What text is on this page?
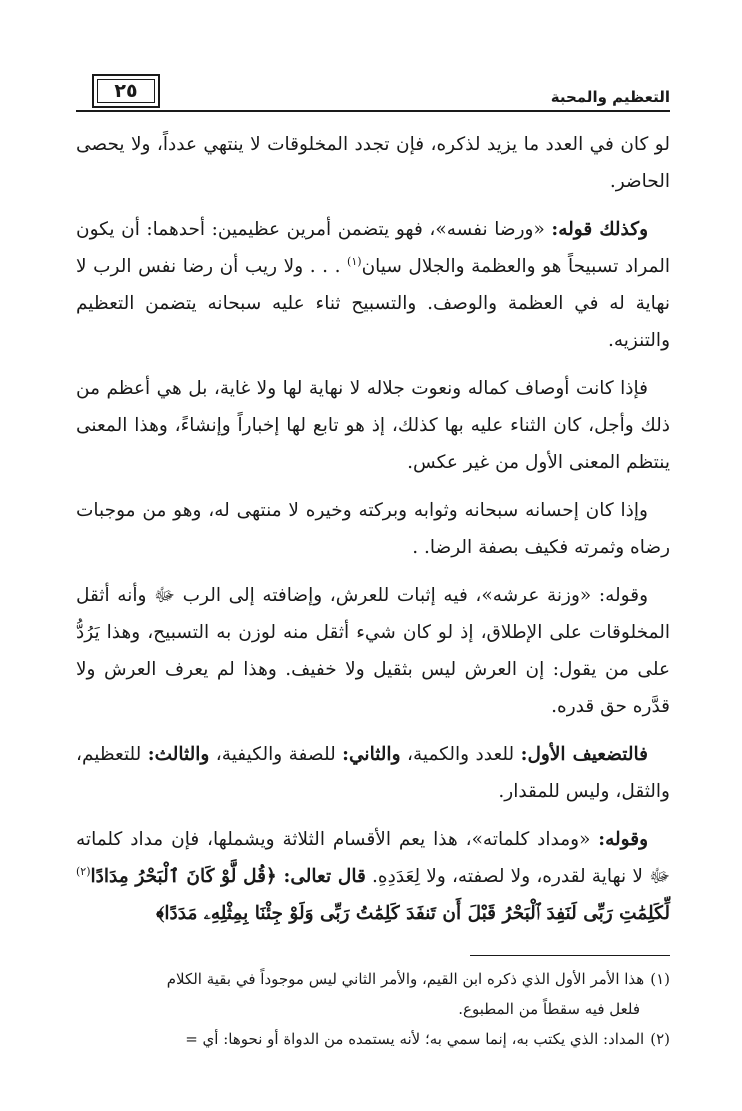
التعظيم والمحبة
٢٥

لو كان في العدد ما يزيد لذكره، فإن تجدد المخلوقات لا ينتهي عدداً، ولا يحصى الحاضر.

وكذلك قوله: «ورضا نفسه»، فهو يتضمن أمرين عظيمين: أحدهما: أن يكون المراد تسبيحاً هو والعظمة والجلال سيان$^{(١)}$ . . . ولا ريب أن رضا نفس الرب لا نهاية له في العظمة والوصف. والتسبيح ثناء عليه سبحانه يتضمن التعظيم والتنزيه.

فإذا كانت أوصاف كماله ونعوت جلاله لا نهاية لها ولا غاية، بل هي أعظم من ذلك وأجل، كان الثناء عليه بها كذلك، إذ هو تابع لها إخباراً وإنشاءً، وهذا المعنى ينتظم المعنى الأول من غير عكس.

وإذا كان إحسانه سبحانه وثوابه وبركته وخيره لا منتهى له، وهو من موجبات رضاه وثمرته فكيف بصفة الرضا. .

وقوله: «وزنة عرشه»، فيه إثبات للعرش، وإضافته إلى الرب ﷻ وأنه أثقل المخلوقات على الإطلاق، إذ لو كان شيء أثقل منه لوزن به التسبيح، وهذا يَرُدُّ على من يقول: إن العرش ليس بثقيل ولا خفيف. وهذا لم يعرف العرش ولا قدَّره حق قدره.

فالتضعيف الأول: للعدد والكمية، والثاني: للصفة والكيفية، والثالث: للتعظيم، والثقل، وليس للمقدار.

وقوله: «ومداد كلماته»، هذا يعم الأقسام الثلاثة ويشملها، فإن مداد كلماته ﷻ لا نهاية لقدره، ولا لصفته، ولا لِعَدَدِهِ. قال تعالى: ﴿قُل لَّوْ كَانَ ٱلْبَحْرُ مِدَادًا$^{(٢)}$ لِّكَلِمَٰتِ رَبِّى لَنَفِدَ ٱلْبَحْرُ قَبْلَ أَن تَنفَدَ كَلِمَٰتُ رَبِّى وَلَوْ جِئْنَا بِمِثْلِهِۦ مَدَدًا﴾

(١)هذا الأمر الأول الذي ذكره ابن القيم، والأمر الثاني ليس موجوداً في بقية الكلام

فلعل فيه سقطاً من المطبوع.

(٢)المداد: الذي يكتب به، إنما سمي به؛ لأنه يستمده من الدواة أو نحوها: أي =
